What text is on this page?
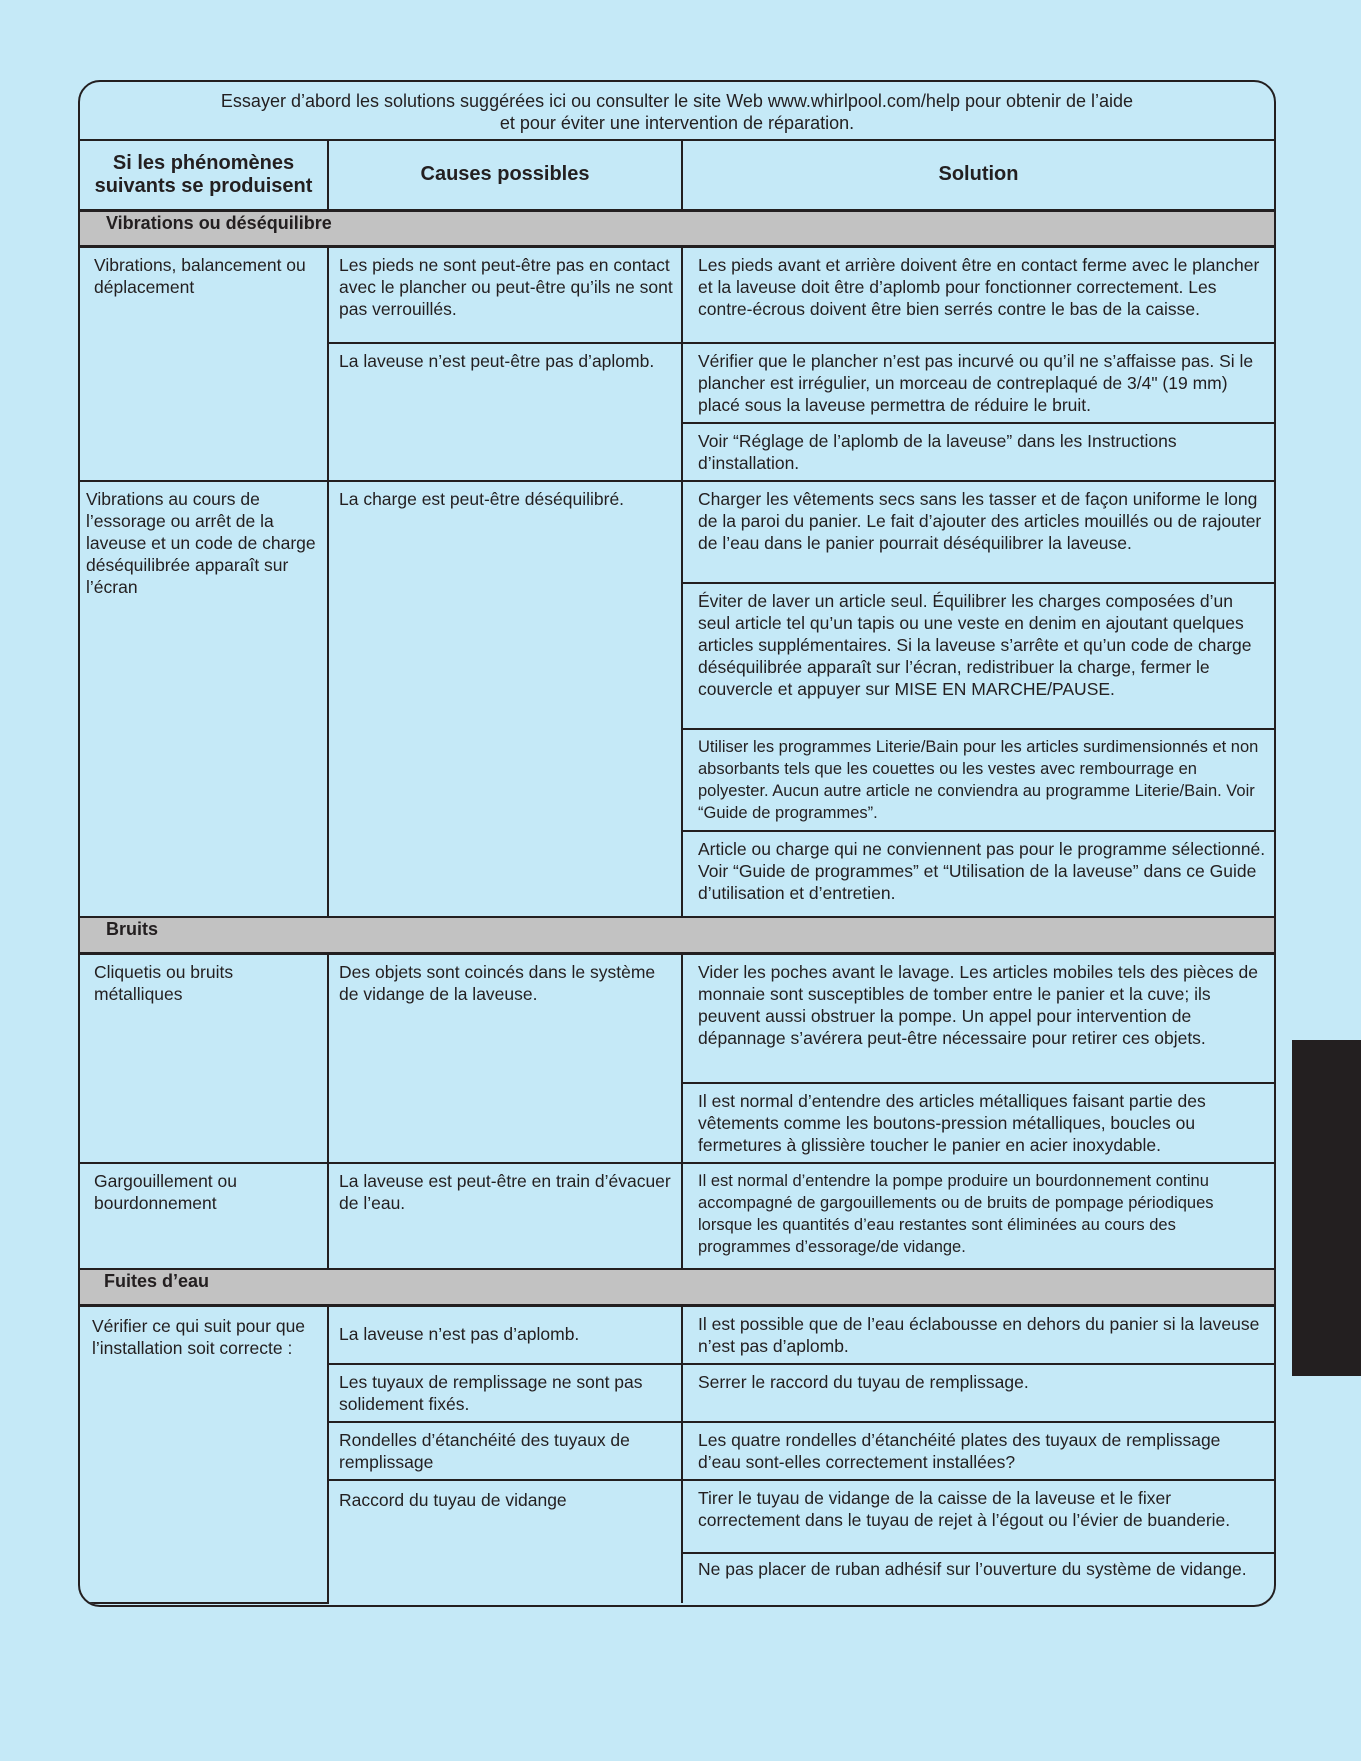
Essayer d’abord les solutions suggérées ici ou consulter le site Web www.whirlpool.com/help pour obtenir de l’aide
et pour éviter une intervention de réparation.
Si les phénomènes
suivants se produisent	Causes possibles	Solution
Vibrations ou déséquilibre		
Vibrations, balancement ou déplacement	Les pieds ne sont peut-être pas en contact avec le plancher ou peut-être qu’ils ne sont pas verrouillés.	Les pieds avant et arrière doivent être en contact ferme avec le plancher et la laveuse doit être d’aplomb pour fonctionner correctement. Les contre-écrous doivent être bien serrés contre le bas de la caisse.
	La laveuse n’est peut-être pas d’aplomb.	Vérifier que le plancher n’est pas incurvé ou qu’il ne s’affaisse pas. Si le plancher est irrégulier, un morceau de contreplaqué de 3/4" (19 mm) placé sous la laveuse permettra de réduire le bruit.
		Voir “Réglage de l’aplomb de la laveuse” dans les Instructions d’installation.
Vibrations au cours de l’essorage ou arrêt de la laveuse et un code de charge déséquilibrée apparaît sur l’écran	La charge est peut-être déséquilibré.	Charger les vêtements secs sans les tasser et de façon uniforme le long de la paroi du panier. Le fait d’ajouter des articles mouillés ou de rajouter de l’eau dans le panier pourrait déséquilibrer la laveuse.
		Éviter de laver un article seul. Équilibrer les charges composées d’un seul article tel qu’un tapis ou une veste en denim en ajoutant quelques articles supplémentaires. Si la laveuse s’arrête et qu’un code de charge déséquilibrée apparaît sur l’écran, redistribuer la charge, fermer le couvercle et appuyer sur MISE EN MARCHE/PAUSE.
		Utiliser les programmes Literie/Bain pour les articles surdimensionnés et non absorbants tels que les couettes ou les vestes avec rembourrage en polyester. Aucun autre article ne conviendra au programme Literie/Bain. Voir “Guide de programmes”.
		Article ou charge qui ne conviennent pas pour le programme sélectionné. Voir “Guide de programmes” et “Utilisation de la laveuse” dans ce Guide d’utilisation et d’entretien.
Bruits		
Cliquetis ou bruits métalliques	Des objets sont coincés dans le système de vidange de la laveuse.	Vider les poches avant le lavage. Les articles mobiles tels des pièces de monnaie sont susceptibles de tomber entre le panier et la cuve; ils peuvent aussi obstruer la pompe. Un appel pour intervention de dépannage s’avérera peut-être nécessaire pour retirer ces objets.
		Il est normal d’entendre des articles métalliques faisant partie des vêtements comme les boutons-pression métalliques, boucles ou fermetures à glissière toucher le panier en acier inoxydable.
Gargouillement ou bourdonnement	La laveuse est peut-être en train d’évacuer de l’eau.	Il est normal d’entendre la pompe produire un bourdonnement continu accompagné de gargouillements ou de bruits de pompage périodiques lorsque les quantités d’eau restantes sont éliminées au cours des programmes d’essorage/de vidange.
Fuites d’eau		
Vérifier ce qui suit pour que l’installation soit correcte :	La laveuse n’est pas d’aplomb.	Il est possible que de l’eau éclabousse en dehors du panier si la laveuse n’est pas d’aplomb.
	Les tuyaux de remplissage ne sont pas solidement fixés.	Serrer le raccord du tuyau de remplissage.
	Rondelles d’étanchéité des tuyaux de remplissage	Les quatre rondelles d’étanchéité plates des tuyaux de remplissage d’eau sont-elles correctement installées?
	Raccord du tuyau de vidange	Tirer le tuyau de vidange de la caisse de la laveuse et le fixer correctement dans le tuyau de rejet à l’égout ou l’évier de buanderie.
		Ne pas placer de ruban adhésif sur l’ouverture du système de vidange.
